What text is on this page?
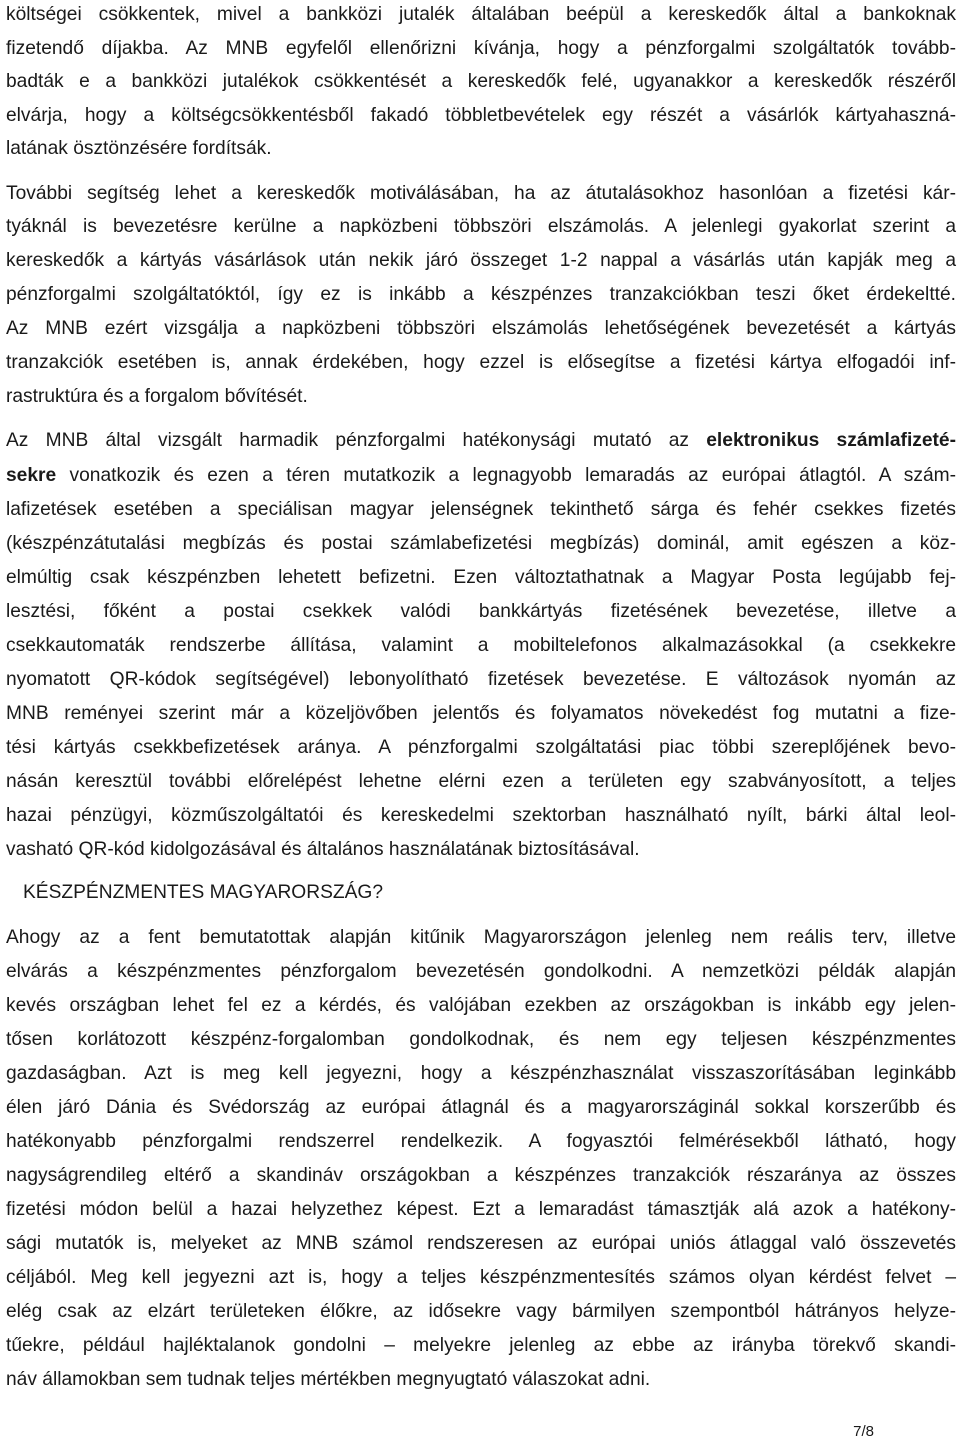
költségei csökkentek, mivel a bankközi jutalék általában beépül a kereskedők által a bankoknak
fizetendő díjakba. Az MNB egyfelől ellenőrizni kívánja, hogy a pénzforgalmi szolgáltatók tovább-
badták e a bankközi jutalékok csökkentését a kereskedők felé, ugyanakkor a kereskedők részéről
elvárja, hogy a költségcsökkentésből fakadó többletbevételek egy részét a vásárlók kártyahaszná-
latának ösztönzésére fordítsák.
További segítség lehet a kereskedők motiválásában, ha az átutalásokhoz hasonlóan a fizetési kár-
tyáknál is bevezetésre kerülne a napközbeni többszöri elszámolás. A jelenlegi gyakorlat szerint a
kereskedők a kártyás vásárlások után nekik járó összeget 1-2 nappal a vásárlás után kapják meg a
pénzforgalmi szolgáltatóktól, így ez is inkább a készpénzes tranzakciókban teszi őket érdekeltté.
Az MNB ezért vizsgálja a napközbeni többszöri elszámolás lehetőségének bevezetését a kártyás
tranzakciók esetében is, annak érdekében, hogy ezzel is elősegítse a fizetési kártya elfogadói inf-
rastruktúra és a forgalom bővítését.
Az MNB által vizsgált harmadik pénzforgalmi hatékonysági mutató az elektronikus számlafizeté-
sekre vonatkozik és ezen a téren mutatkozik a legnagyobb lemaradás az európai átlagtól. A szám-
lafizetések esetében a speciálisan magyar jelenségnek tekinthető sárga és fehér csekkes fizetés
(készpénzátutalási megbízás és postai számlabefizetési megbízás) dominál, amit egészen a köz-
elmúltig csak készpénzben lehetett befizetni. Ezen változtathatnak a Magyar Posta legújabb fej-
lesztési, főként a postai csekkek valódi bankkártyás fizetésének bevezetése, illetve a
csekkautomaták rendszerbe állítása, valamint a mobiltelefonos alkalmazásokkal (a csekkekre
nyomatott QR-kódok segítségével) lebonyolítható fizetések bevezetése. E változások nyomán az
MNB reményei szerint már a közeljövőben jelentős és folyamatos növekedést fog mutatni a fize-
tési kártyás csekkbefizetések aránya. A pénzforgalmi szolgáltatási piac többi szereplőjének bevo-
násán keresztül további előrelépést lehetne elérni ezen a területen egy szabványosított, a teljes
hazai pénzügyi, közműszolgáltatói és kereskedelmi szektorban használható nyílt, bárki által leol-
vasható QR-kód kidolgozásával és általános használatának biztosításával.
Ahogy az a fent bemutatottak alapján kitűnik Magyarországon jelenleg nem reális terv, illetve
elvárás a készpénzmentes pénzforgalom bevezetésén gondolkodni. A nemzetközi példák alapján
kevés országban lehet fel ez a kérdés, és valójában ezekben az országokban is inkább egy jelen-
tősen korlátozott készpénz-forgalomban gondolkodnak, és nem egy teljesen készpénzmentes
gazdaságban. Azt is meg kell jegyezni, hogy a készpénzhasználat visszaszorításában leginkább
élen járó Dánia és Svédország az európai átlagnál és a magyarországinál sokkal korszerűbb és
hatékonyabb pénzforgalmi rendszerrel rendelkezik. A fogyasztói felmérésekből látható, hogy
nagyságrendileg eltérő a skandináv országokban a készpénzes tranzakciók részaránya az összes
fizetési módon belül a hazai helyzethez képest. Ezt a lemaradást támasztják alá azok a hatékony-
sági mutatók is, melyeket az MNB számol rendszeresen az európai uniós átlaggal való összevetés
céljából. Meg kell jegyezni azt is, hogy a teljes készpénzmentesítés számos olyan kérdést felvet –
elég csak az elzárt területeken élőkre, az idősekre vagy bármilyen szempontból hátrányos helyze-
tűekre, például hajléktalanok gondolni – melyekre jelenleg az ebbe az irányba törekvő skandi-
náv államokban sem tudnak teljes mértékben megnyugtató válaszokat adni.
KÉSZPÉNZMENTES MAGYARORSZÁG?
7/8
